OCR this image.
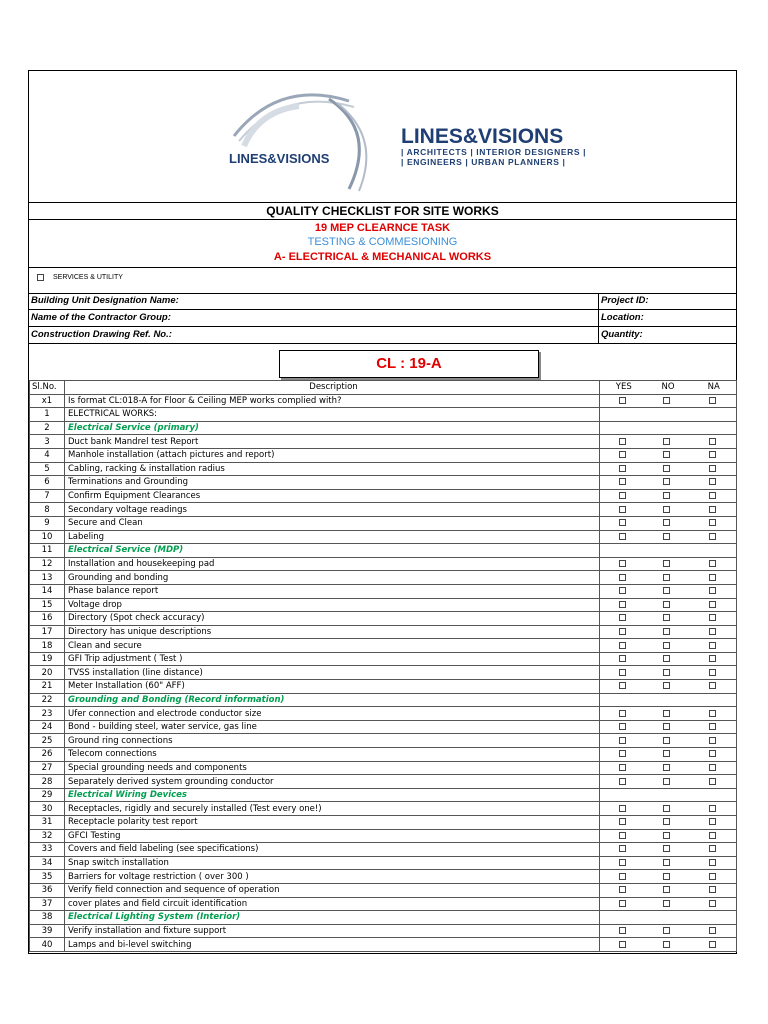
LINES&VISIONS
LINES&VISIONS
| ARCHITECTS | INTERIOR DESIGNERS |
| ENGINEERS | URBAN PLANNERS |
QUALITY CHECKLIST FOR SITE WORKS
19 MEP CLEARNCE TASK
TESTING & COMMESIONING
A- ELECTRICAL & MECHANICAL WORKS
SERVICES & UTILITY
Building Unit Designation Name:	Project ID:
Name of the Contractor Group:	Location:
Construction Drawing Ref. No.:	Quantity:
CL : 19-A
Sl.No.	Description	YES	NO	NA
x1	Is format CL:018-A for Floor & Ceiling MEP works complied with?			
1	ELECTRICAL WORKS:			
2	Electrical Service (primary)			
3	Duct bank Mandrel test Report			
4	Manhole installation (attach pictures and report)			
5	Cabling, racking & installation radius			
6	Terminations and Grounding			
7	Confirm Equipment Clearances			
8	Secondary voltage readings			
9	Secure and Clean			
10	Labeling			
11	Electrical Service (MDP)			
12	Installation and housekeeping pad			
13	Grounding and bonding			
14	Phase balance report			
15	Voltage drop			
16	Directory (Spot check accuracy)			
17	Directory has unique descriptions			
18	Clean and secure			
19	GFI Trip adjustment ( Test )			
20	TVSS installation (line distance)			
21	Meter Installation (60" AFF)			
22	Grounding and Bonding (Record information)			
23	Ufer connection and electrode conductor size			
24	Bond - building steel, water service, gas line			
25	Ground ring connections			
26	Telecom connections			
27	Special grounding needs and components			
28	Separately derived system grounding conductor			
29	Electrical Wiring Devices			
30	Receptacles, rigidly and securely installed (Test every one!)			
31	Receptacle polarity test report			
32	GFCI Testing			
33	Covers and field labeling (see specifications)			
34	Snap switch installation			
35	Barriers for voltage restriction ( over 300 )			
36	Verify field connection and sequence of operation			
37	cover plates and field circuit identification			
38	Electrical Lighting System (Interior)			
39	Verify installation and fixture support			
40	Lamps and bi-level switching			
